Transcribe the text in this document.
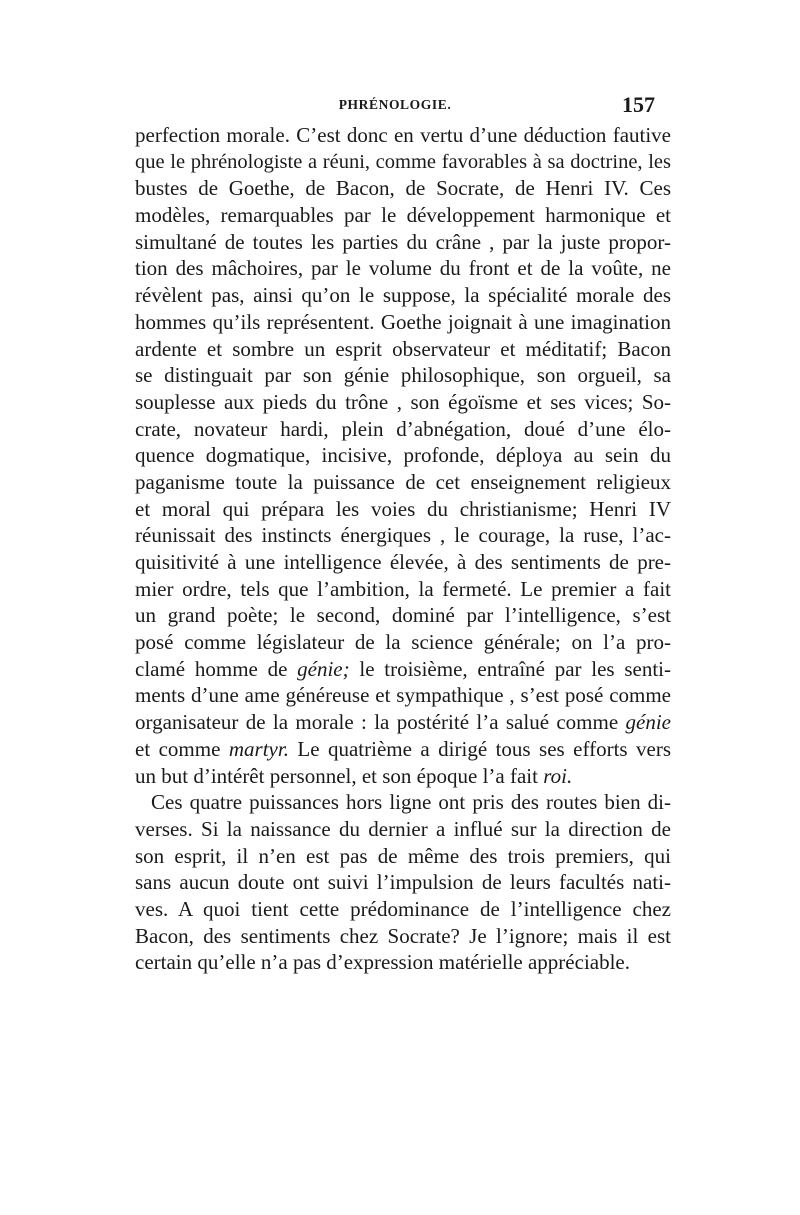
PHRÉNOLOGIE.	157
perfection morale. C’est donc en vertu d’une déduction fautive
que le phrénologiste a réuni, comme favorables à sa doctrine, les
bustes de Goethe, de Bacon, de Socrate, de Henri IV. Ces
modèles, remarquables par le développement harmonique et
simultané de toutes les parties du crâne , par la juste propor-
tion des mâchoires, par le volume du front et de la voûte, ne
révèlent pas, ainsi qu’on le suppose, la spécialité morale des
hommes qu’ils représentent. Goethe joignait à une imagination
ardente et sombre un esprit observateur et méditatif; Bacon
se distinguait par son génie philosophique, son orgueil, sa
souplesse aux pieds du trône , son égoïsme et ses vices; So-
crate, novateur hardi, plein d’abnégation, doué d’une élo-
quence dogmatique, incisive, profonde, déploya au sein du
paganisme toute la puissance de cet enseignement religieux
et moral qui prépara les voies du christianisme; Henri IV
réunissait des instincts énergiques , le courage, la ruse, l’ac-
quisitivité à une intelligence élevée, à des sentiments de pre-
mier ordre, tels que l’ambition, la fermeté. Le premier a fait
un grand poète; le second, dominé par l’intelligence, s’est
posé comme législateur de la science générale; on l’a pro-
clamé homme de génie; le troisième, entraîné par les senti-
ments d’une ame généreuse et sympathique , s’est posé comme
organisateur de la morale : la postérité l’a salué comme génie
et comme martyr. Le quatrième a dirigé tous ses efforts vers
un but d’intérêt personnel, et son époque l’a fait roi.
Ces quatre puissances hors ligne ont pris des routes bien di-
verses. Si la naissance du dernier a influé sur la direction de
son esprit, il n’en est pas de même des trois premiers, qui
sans aucun doute ont suivi l’impulsion de leurs facultés nati-
ves. A quoi tient cette prédominance de l’intelligence chez
Bacon, des sentiments chez Socrate? Je l’ignore; mais il est
certain qu’elle n’a pas d’expression matérielle appréciable.
